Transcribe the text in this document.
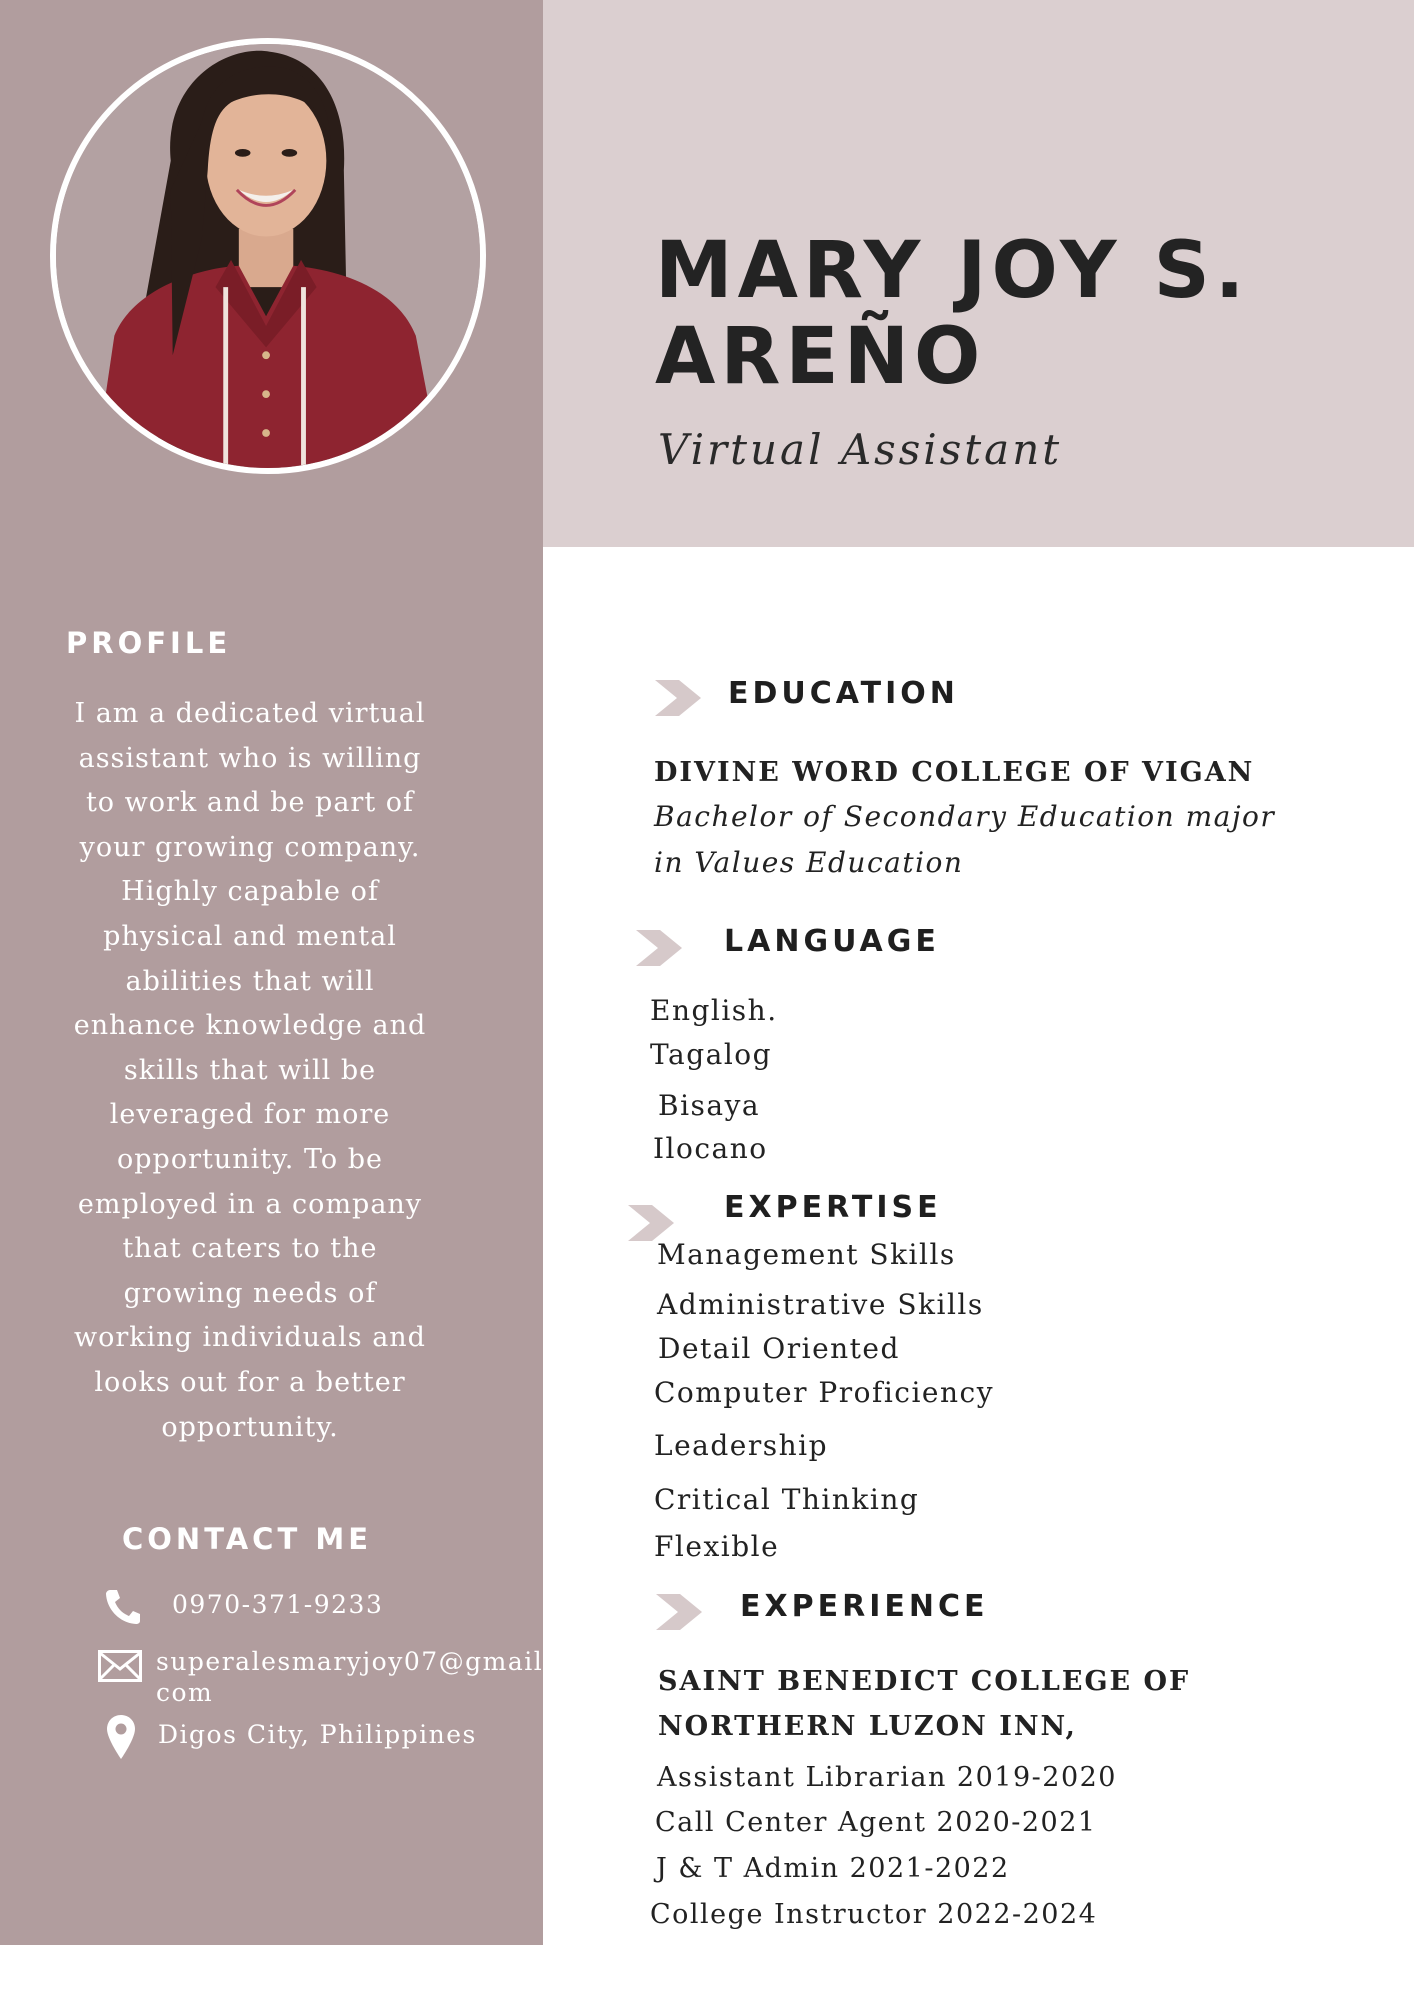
MARY JOY S.
AREÑO
Virtual Assistant
PROFILE
I am a dedicated virtual
assistant who is willing
to work and be part of
your growing company.
Highly capable of
physical and mental
abilities that will
enhance knowledge and
skills that will be
leveraged for more
opportunity. To be
employed in a company
that caters to the
growing needs of
working individuals and
looks out for a better
opportunity.
CONTACT ME
0970-371-9233
superalesmaryjoy07@gmail.
com
Digos City, Philippines
EDUCATION
DIVINE WORD COLLEGE OF VIGAN
Bachelor of Secondary Education major
in Values Education
LANGUAGE
English.
Tagalog
Bisaya
Ilocano
EXPERTISE
Management Skills
Administrative Skills
Detail Oriented
Computer Proficiency
Leadership
Critical Thinking
Flexible
EXPERIENCE
SAINT BENEDICT COLLEGE OF
NORTHERN LUZON INN,
Assistant Librarian 2019-2020
Call Center Agent 2020-2021
J & T Admin 2021-2022
College Instructor 2022-2024
